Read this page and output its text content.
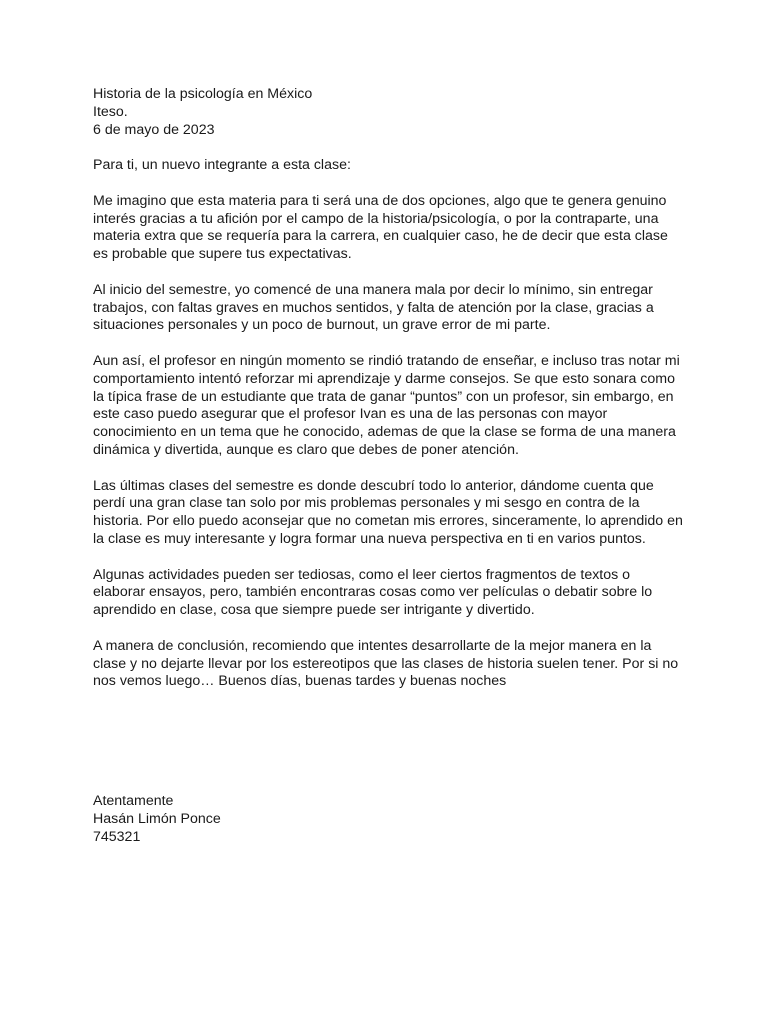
Historia de la psicología en México

Iteso.

6 de mayo de 2023

Para ti, un nuevo integrante a esta clase:

Me imagino que esta materia para ti será una de dos opciones, algo que te genera genuino interés gracias a tu afición por el campo de la historia/psicología, o por la contraparte, una materia extra que se requería para la carrera, en cualquier caso, he de decir que esta clase es probable que supere tus expectativas.

Al inicio del semestre, yo comencé de una manera mala por decir lo mínimo, sin entregar trabajos, con faltas graves en muchos sentidos, y falta de atención por la clase, gracias a situaciones personales y un poco de burnout, un grave error de mi parte.

Aun así, el profesor en ningún momento se rindió tratando de enseñar, e incluso tras notar mi comportamiento intentó reforzar mi aprendizaje y darme consejos. Se que esto sonara como la típica frase de un estudiante que trata de ganar “puntos” con un profesor, sin embargo, en este caso puedo asegurar que el profesor Ivan es una de las personas con mayor conocimiento en un tema que he conocido, ademas de que la clase se forma de una manera dinámica y divertida, aunque es claro que debes de poner atención.

Las últimas clases del semestre es donde descubrí todo lo anterior, dándome cuenta que perdí una gran clase tan solo por mis problemas personales y mi sesgo en contra de la historia. Por ello puedo aconsejar que no cometan mis errores, sinceramente, lo aprendido en la clase es muy interesante y logra formar una nueva perspectiva en ti en varios puntos.

Algunas actividades pueden ser tediosas, como el leer ciertos fragmentos de textos o elaborar ensayos, pero, también encontraras cosas como ver películas o debatir sobre lo aprendido en clase, cosa que siempre puede ser intrigante y divertido.

A manera de conclusión, recomiendo que intentes desarrollarte de la mejor manera en la clase y no dejarte llevar por los estereotipos que las clases de historia suelen tener. Por si no nos vemos luego… Buenos días, buenas tardes y buenas noches

Atentamente

Hasán Limón Ponce

745321
